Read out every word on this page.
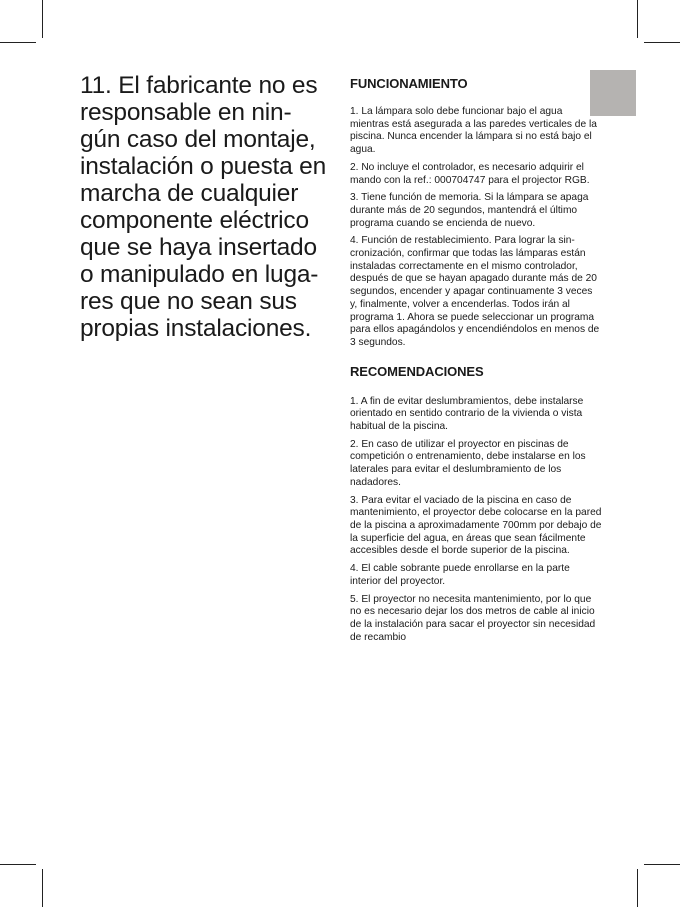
11. El fabricante no es responsable en nin- gún caso del montaje, instalación o puesta en marcha de cualquier componente eléctrico que se haya insertado o manipulado en luga- res que no sean sus propias instalaciones.

FUNCIONAMIENTO

1. La lámpara solo debe funcionar bajo el agua mientras está asegurada a las paredes verticales de la piscina. Nunca encender la lámpara si no está bajo el agua.

2. No incluye el controlador, es necesario adquirir el mando con la ref.: 000704747 para el projector RGB.

3. Tiene función de memoria. Si la lámpara se apaga durante más de 20 segundos, mantendrá el último programa cuando se encienda de nuevo.

4. Función de restablecimiento. Para lograr la sin- cronización, confirmar que todas las lámparas están instaladas correctamente en el mismo controlador, después de que se hayan apagado durante más de 20 segundos, encender y apagar continuamente 3 veces y, finalmente, volver a encenderlas. Todos irán al programa 1. Ahora se puede seleccionar un programa para ellos apagándolos y encendiéndolos en menos de 3 segundos.

RECOMENDACIONES

1. A fin de evitar deslumbramientos, debe instalarse orientado en sentido contrario de la vivienda o vista habitual de la piscina.

2. En caso de utilizar el proyector en piscinas de competición o entrenamiento, debe instalarse en los laterales para evitar el deslumbramiento de los nadadores.

3. Para evitar el vaciado de la piscina en caso de mantenimiento, el proyector debe colocarse en la pared de la piscina a aproximadamente 700mm por debajo de la superficie del agua, en áreas que sean fácilmente accesibles desde el borde superior de la piscina.

4. El cable sobrante puede enrollarse en la parte interior del proyector.

5. El proyector no necesita mantenimiento, por lo que no es necesario dejar los dos metros de cable al inicio de la instalación para sacar el proyector sin necesidad de recambio
